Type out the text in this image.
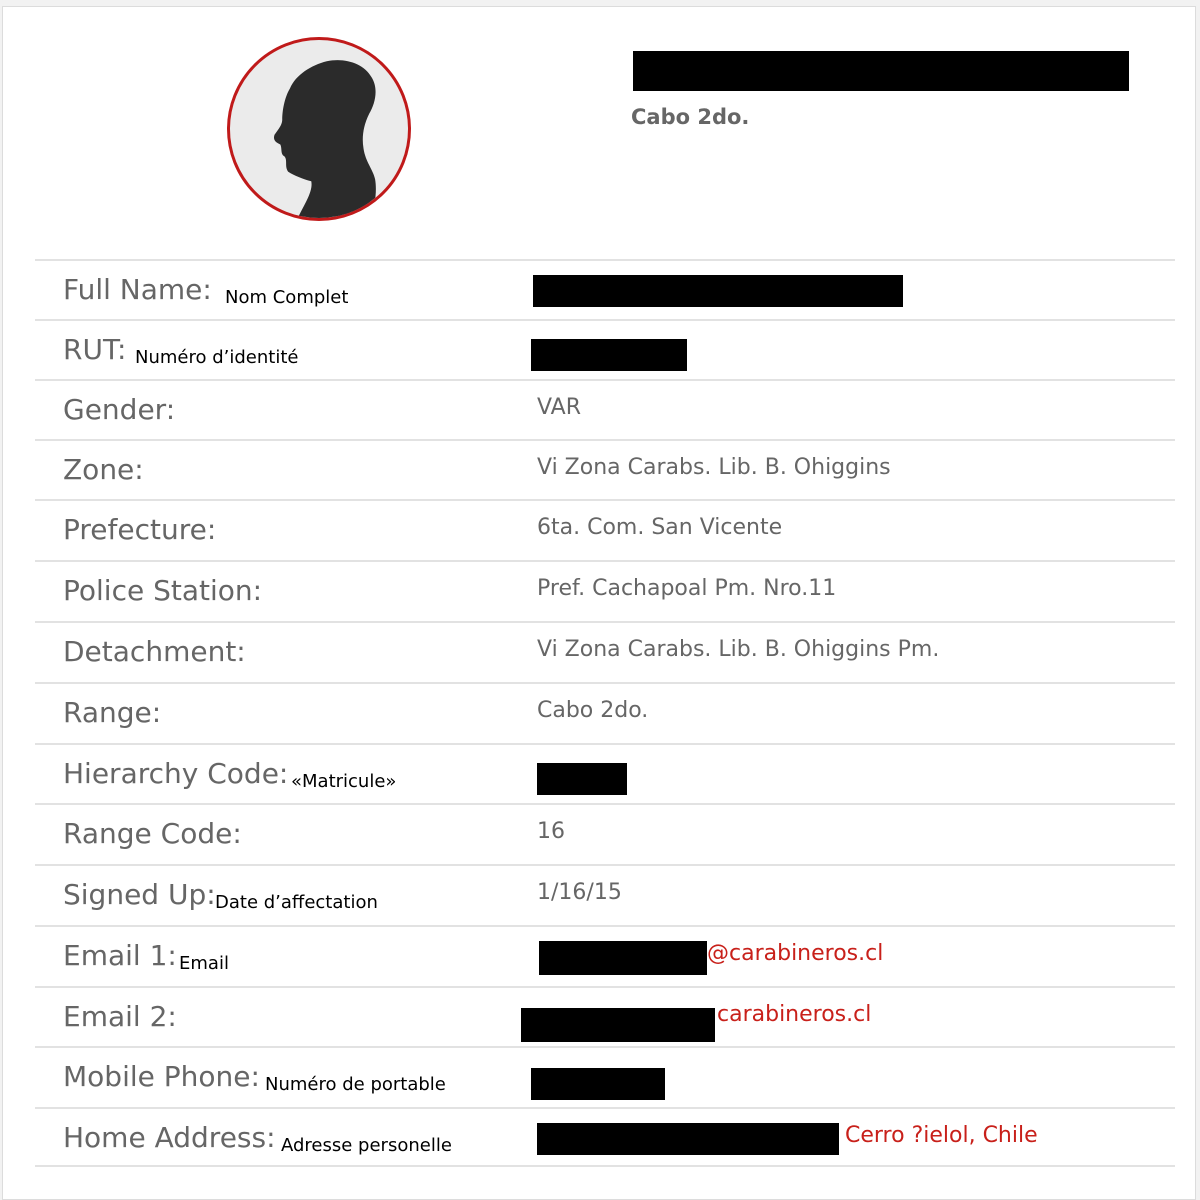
Cabo 2do.
Full Name: Nom Complet
RUT: Numéro d’identité
Gender:	VAR
Zone:	Vi Zona Carabs. Lib. B. Ohiggins
Prefecture:	6ta. Com. San Vicente
Police Station:	Pref. Cachapoal Pm. Nro.11
Detachment:	Vi Zona Carabs. Lib. B. Ohiggins Pm.
Range:	Cabo 2do.
Hierarchy Code: «Matricule»
Range Code:	16
Signed Up: Date d’affectation	1/16/15
Email 1: Email	@carabineros.cl
Email 2:	carabineros.cl
Mobile Phone: Numéro de portable
Home Address: Adresse personelle	Cerro ?ielol, Chile
